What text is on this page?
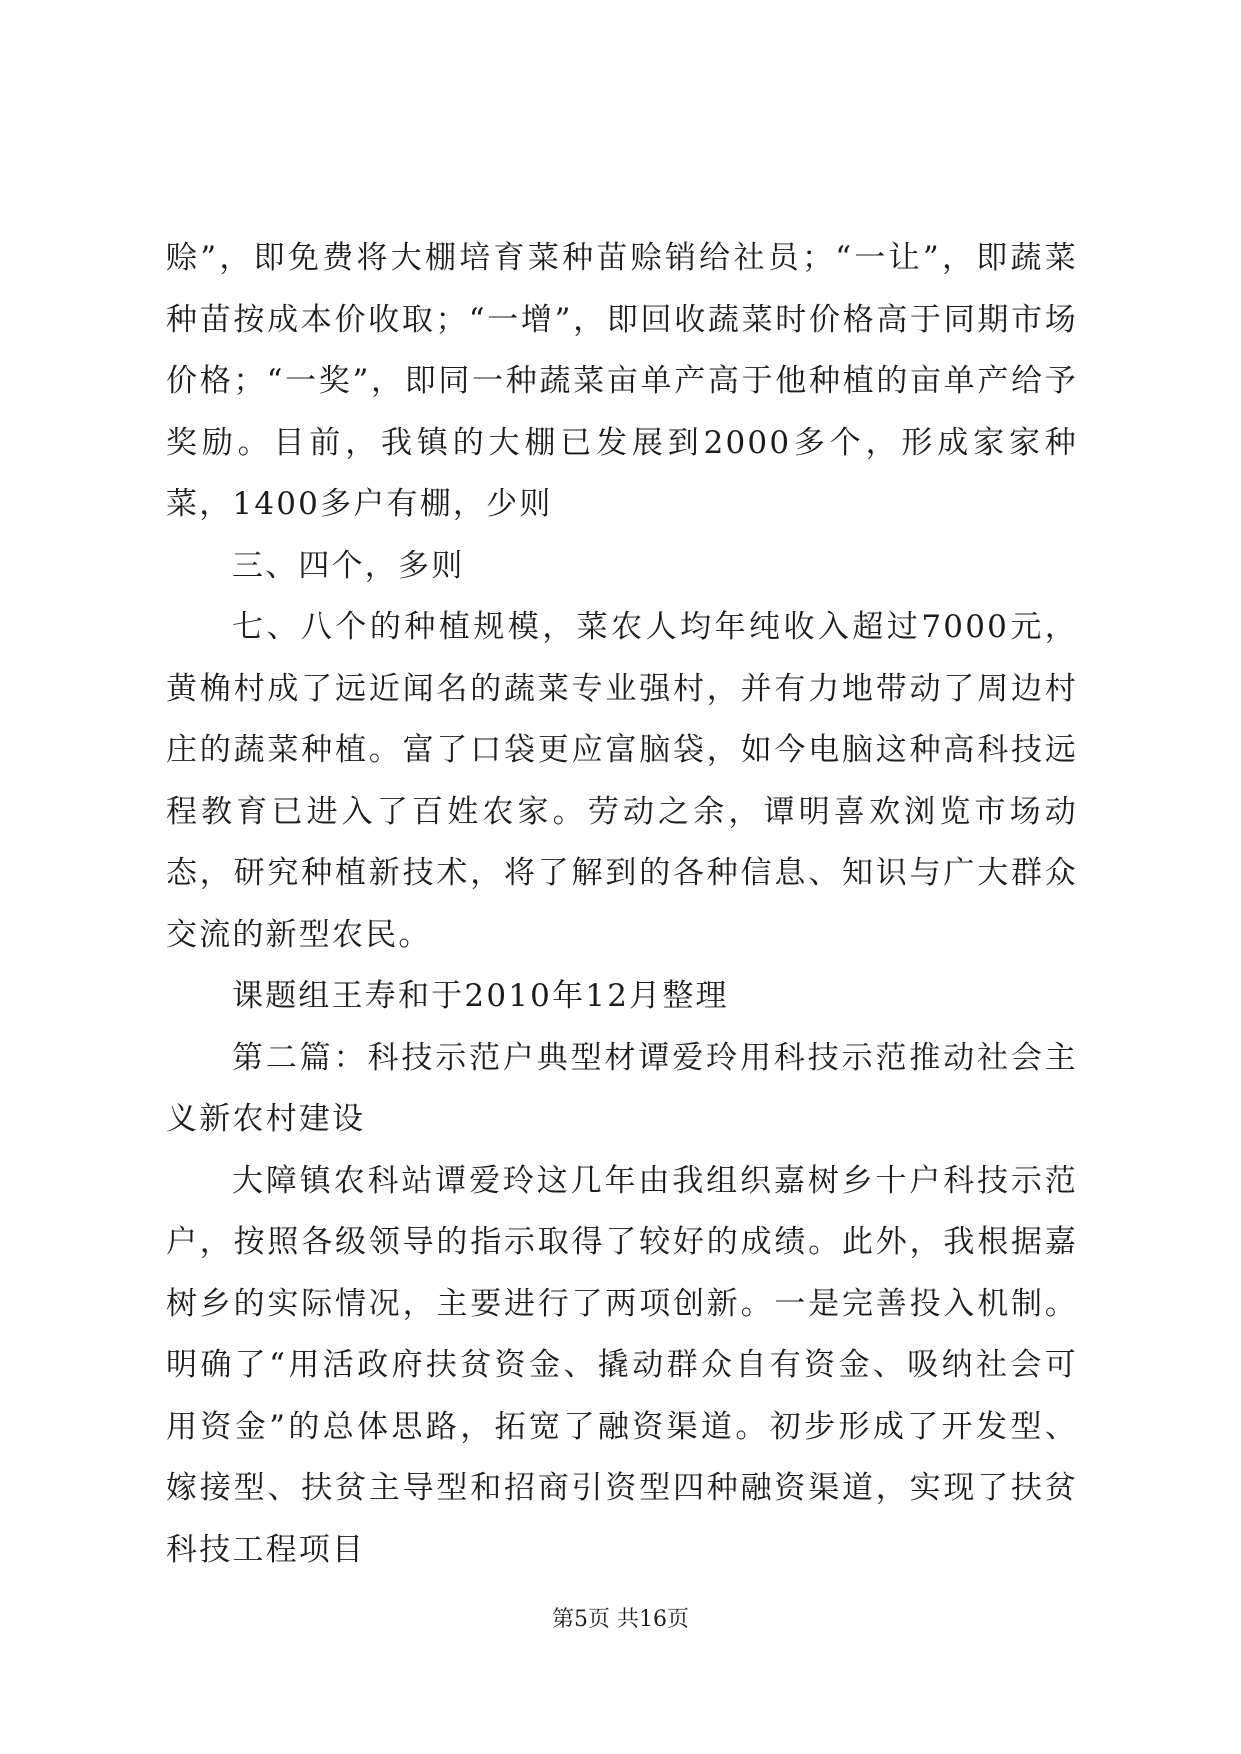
赊”，即免费将大棚培育菜种苗赊销给社员；“一让”，即蔬菜种苗按成本价收取；“一增”，即回收蔬菜时价格高于同期市场价格；“一奖”，即同一种蔬菜亩单产高于他种植的亩单产给予奖励。目前，我镇的大棚已发展到2000多个，形成家家种菜，1400多户有棚，少则

三、四个，多则

七、八个的种植规模，菜农人均年纯收入超过7000元，黄桷村成了远近闻名的蔬菜专业强村，并有力地带动了周边村庄的蔬菜种植。富了口袋更应富脑袋，如今电脑这种高科技远程教育已进入了百姓农家。劳动之余，谭明喜欢浏览市场动态，研究种植新技术，将了解到的各种信息、知识与广大群众交流的新型农民。

课题组王寿和于2010年12月整理

第二篇：科技示范户典型材谭爱玲用科技示范推动社会主义新农村建设

大障镇农科站谭爱玲这几年由我组织嘉树乡十户科技示范户，按照各级领导的指示取得了较好的成绩。此外，我根据嘉树乡的实际情况，主要进行了两项创新。一是完善投入机制。明确了“用活政府扶贫资金、撬动群众自有资金、吸纳社会可用资金”的总体思路，拓宽了融资渠道。初步形成了开发型、嫁接型、扶贫主导型和招商引资型四种融资渠道，实现了扶贫科技工程项目

第5页 共16页
